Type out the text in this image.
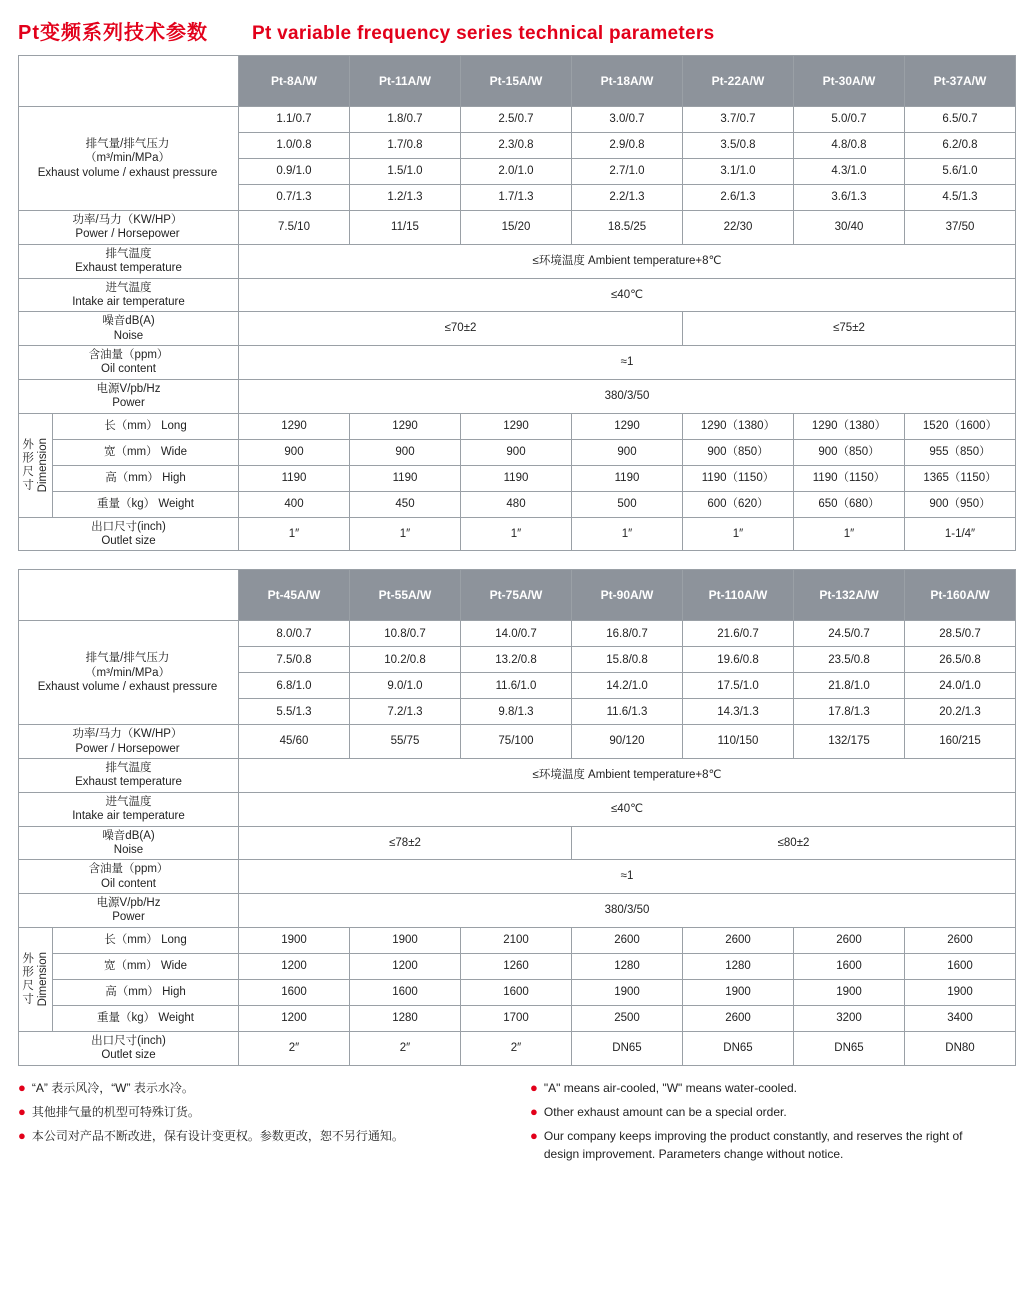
Pt变频系列技术参数 Pt variable frequency series technical parameters
型号
Model
规格
Specifications		Pt-8A/W	Pt-11A/W	Pt-15A/W	Pt-18A/W	Pt-22A/W	Pt-30A/W	Pt-37A/W

排气量/排气压力
（m³/min/MPa）
Exhaust volume / exhaust pressure		1.1/0.7	1.8/0.7	2.5/0.7	3.0/0.7	3.7/0.7	5.0/0.7	6.5/0.7
		1.0/0.8	1.7/0.8	2.3/0.8	2.9/0.8	3.5/0.8	4.8/0.8	6.2/0.8
		0.9/1.0	1.5/1.0	2.0/1.0	2.7/1.0	3.1/1.0	4.3/1.0	5.6/1.0
		0.7/1.3	1.2/1.3	1.7/1.3	2.2/1.3	2.6/1.3	3.6/1.3	4.5/1.3

功率/马力（KW/HP）
Power / Horsepower		7.5/10	11/15	15/20	18.5/25	22/30	30/40	37/50

排气温度
Exhaust temperature		≤环境温度 Ambient temperature+8℃						

进气温度
Intake air temperature		≤40℃						

噪音dB(A)
Noise		≤70±2				≤75±2		

含油量（ppm）
Oil content		≈1						

电源V/pb/Hz
Power		380/3/50						

外形尺寸 Dimension	长（mm） Long	1290	1290	1290	1290	1290（1380）	1290（1380）	1520（1600）
	宽（mm） Wide	900	900	900	900	900（850）	900（850）	955（850）
	高（mm） High	1190	1190	1190	1190	1190（1150）	1190（1150）	1365（1150）
	重量（kg） Weight	400	450	480	500	600（620）	650（680）	900（950）

出口尺寸(inch)
Outlet size		1″	1″	1″	1″	1″	1″	1-1/4″
型号
Model
规格
Specifications		Pt-45A/W	Pt-55A/W	Pt-75A/W	Pt-90A/W	Pt-110A/W	Pt-132A/W	Pt-160A/W

排气量/排气压力
（m³/min/MPa）
Exhaust volume / exhaust pressure		8.0/0.7	10.8/0.7	14.0/0.7	16.8/0.7	21.6/0.7	24.5/0.7	28.5/0.7
		7.5/0.8	10.2/0.8	13.2/0.8	15.8/0.8	19.6/0.8	23.5/0.8	26.5/0.8
		6.8/1.0	9.0/1.0	11.6/1.0	14.2/1.0	17.5/1.0	21.8/1.0	24.0/1.0
		5.5/1.3	7.2/1.3	9.8/1.3	11.6/1.3	14.3/1.3	17.8/1.3	20.2/1.3

功率/马力（KW/HP）
Power / Horsepower		45/60	55/75	75/100	90/120	110/150	132/175	160/215

排气温度
Exhaust temperature		≤环境温度 Ambient temperature+8℃						

进气温度
Intake air temperature		≤40℃						

噪音dB(A)
Noise		≤78±2			≤80±2			

含油量（ppm）
Oil content		≈1						

电源V/pb/Hz
Power		380/3/50						

外形尺寸 Dimension	长（mm） Long	1900	1900	2100	2600	2600	2600	2600
	宽（mm） Wide	1200	1200	1260	1280	1280	1600	1600
	高（mm） High	1600	1600	1600	1900	1900	1900	1900
	重量（kg） Weight	1200	1280	1700	2500	2600	3200	3400

出口尺寸(inch)
Outlet size		2″	2″	2″	DN65	DN65	DN65	DN80
● “A” 表示风冷，“W” 表示水冷。
● 其他排气量的机型可特殊订货。
● 本公司对产品不断改进，保有设计变更权。参数更改，恕不另行通知。
● "A" means air-cooled, "W" means water-cooled.
● Other exhaust amount can be a special order.
● Our company keeps improving the product constantly, and reserves the right of design improvement. Parameters change without notice.
